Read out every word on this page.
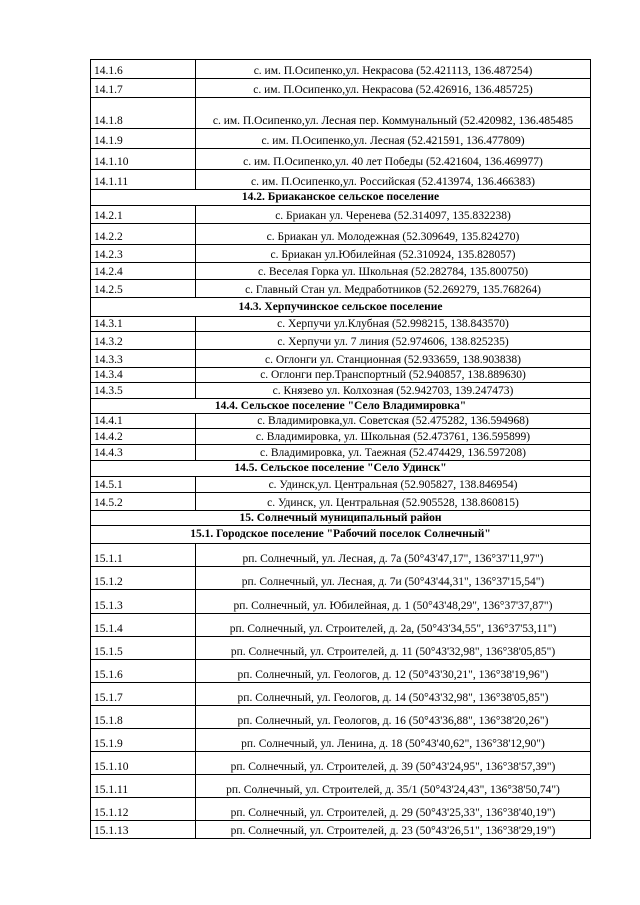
14.1.6	с. им. П.Осипенко,ул. Некрасова (52.421113, 136.487254)
14.1.7	с. им. П.Осипенко,ул. Некрасова (52.426916, 136.485725)
14.1.8	с. им. П.Осипенко,ул. Лесная пер. Коммунальный (52.420982, 136.485485
14.1.9	с. им. П.Осипенко,ул. Лесная (52.421591, 136.477809)
14.1.10	с. им. П.Осипенко,ул. 40 лет Победы (52.421604, 136.469977)
14.1.11	с. им. П.Осипенко,ул. Российская (52.413974, 136.466383)
14.2. Бриаканское сельское поселение	
14.2.1	с. Бриакан ул. Черенева (52.314097, 135.832238)
14.2.2	с. Бриакан ул. Молодежная (52.309649, 135.824270)
14.2.3	с. Бриакан ул.Юбилейная (52.310924, 135.828057)
14.2.4	с. Веселая Горка ул. Школьная (52.282784, 135.800750)
14.2.5	с. Главный Стан ул. Медработников (52.269279, 135.768264)
14.3. Херпучинское сельское поселение	
14.3.1	с. Херпучи ул.Клубная (52.998215, 138.843570)
14.3.2	с. Херпучи ул. 7 линия (52.974606, 138.825235)
14.3.3	с. Оглонги ул. Станционная (52.933659, 138.903838)
14.3.4	с. Оглонги пер.Транспортный (52.940857, 138.889630)
14.3.5	с. Князево ул. Колхозная (52.942703, 139.247473)
14.4. Сельское поселение "Село Владимировка"	
14.4.1	с. Владимировка,ул. Советская (52.475282, 136.594968)
14.4.2	с. Владимировка, ул. Школьная (52.473761, 136.595899)
14.4.3	с. Владимировка, ул. Таежная (52.474429, 136.597208)
14.5. Сельское поселение "Село Удинск"	
14.5.1	с. Удинск,ул. Центральная (52.905827, 138.846954)
14.5.2	с. Удинск, ул. Центральная (52.905528, 138.860815)
15. Солнечный муниципальный район	
15.1. Городское поселение "Рабочий поселок Солнечный"	
15.1.1	рп. Солнечный, ул. Лесная, д. 7а (50°43'47,17", 136°37'11,97")
15.1.2	рп. Солнечный, ул. Лесная, д. 7и (50°43'44,31", 136°37'15,54")
15.1.3	рп. Солнечный, ул. Юбилейная, д. 1 (50°43'48,29", 136°37'37,87")
15.1.4	рп. Солнечный, ул. Строителей, д. 2а, (50°43'34,55", 136°37'53,11")
15.1.5	рп. Солнечный, ул. Строителей, д. 11 (50°43'32,98", 136°38'05,85")
15.1.6	рп. Солнечный, ул. Геологов, д. 12 (50°43'30,21", 136°38'19,96")
15.1.7	рп. Солнечный, ул. Геологов, д. 14 (50°43'32,98", 136°38'05,85")
15.1.8	рп. Солнечный, ул. Геологов, д. 16 (50°43'36,88", 136°38'20,26")
15.1.9	рп. Солнечный, ул. Ленина, д. 18 (50°43'40,62", 136°38'12,90")
15.1.10	рп. Солнечный, ул. Строителей, д. 39 (50°43'24,95", 136°38'57,39")
15.1.11	рп. Солнечный, ул. Строителей, д. 35/1 (50°43'24,43", 136°38'50,74")
15.1.12	рп. Солнечный, ул. Строителей, д. 29 (50°43'25,33", 136°38'40,19")
15.1.13	рп. Солнечный, ул. Строителей, д. 23 (50°43'26,51", 136°38'29,19")
